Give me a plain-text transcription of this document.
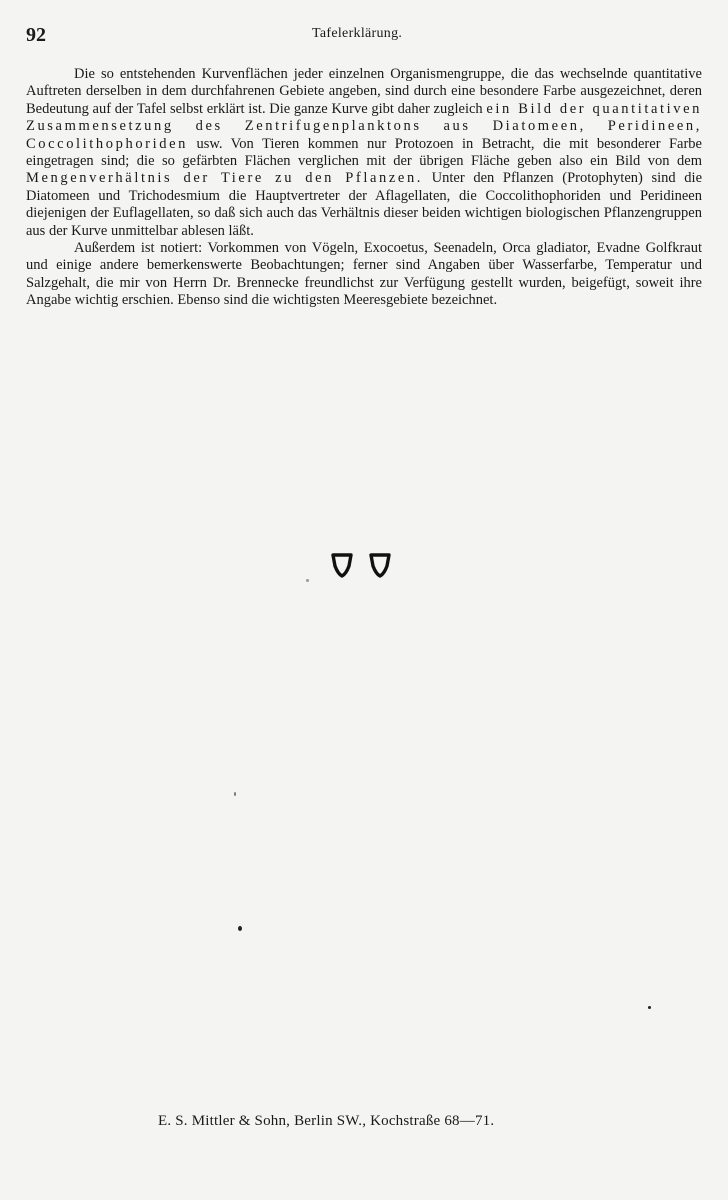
92	Tafelerklärung.

Die so entstehenden Kurvenflächen jeder einzelnen Organismengruppe, die das wechselnde quantitative Auftreten derselben in dem durchfahrenen Gebiete angeben, sind durch eine besondere Farbe ausgezeichnet, deren Bedeutung auf der Tafel selbst erklärt ist. Die ganze Kurve gibt daher zugleich ein Bild der quantitativen Zusammensetzung des Zentrifugenplanktons aus Diatomeen, Peridineen, Coccolithophoriden usw. Von Tieren kommen nur Protozoen in Betracht, die mit besonderer Farbe eingetragen sind; die so gefärbten Flächen verglichen mit der übrigen Fläche geben also ein Bild von dem Mengenverhältnis der Tiere zu den Pflanzen. Unter den Pflanzen (Protophyten) sind die Diatomeen und Trichodesmium die Hauptvertreter der Aflagellaten, die Coccolithophoriden und Peridineen diejenigen der Euflagellaten, so daß sich auch das Verhältnis dieser beiden wichtigen biologischen Pflanzengruppen aus der Kurve unmittelbar ablesen läßt.

Außerdem ist notiert: Vorkommen von Vögeln, Exocoetus, Seenadeln, Orca gladiator, Evadne Golfkraut und einige andere bemerkenswerte Beobachtungen; ferner sind Angaben über Wasserfarbe, Temperatur und Salzgehalt, die mir von Herrn Dr. Brennecke freundlichst zur Verfügung gestellt wurden, beigefügt, soweit ihre Angabe wichtig erschien. Ebenso sind die wichtigsten Meeresgebiete bezeichnet.

E. S. Mittler & Sohn, Berlin SW., Kochstraße 68—71.
